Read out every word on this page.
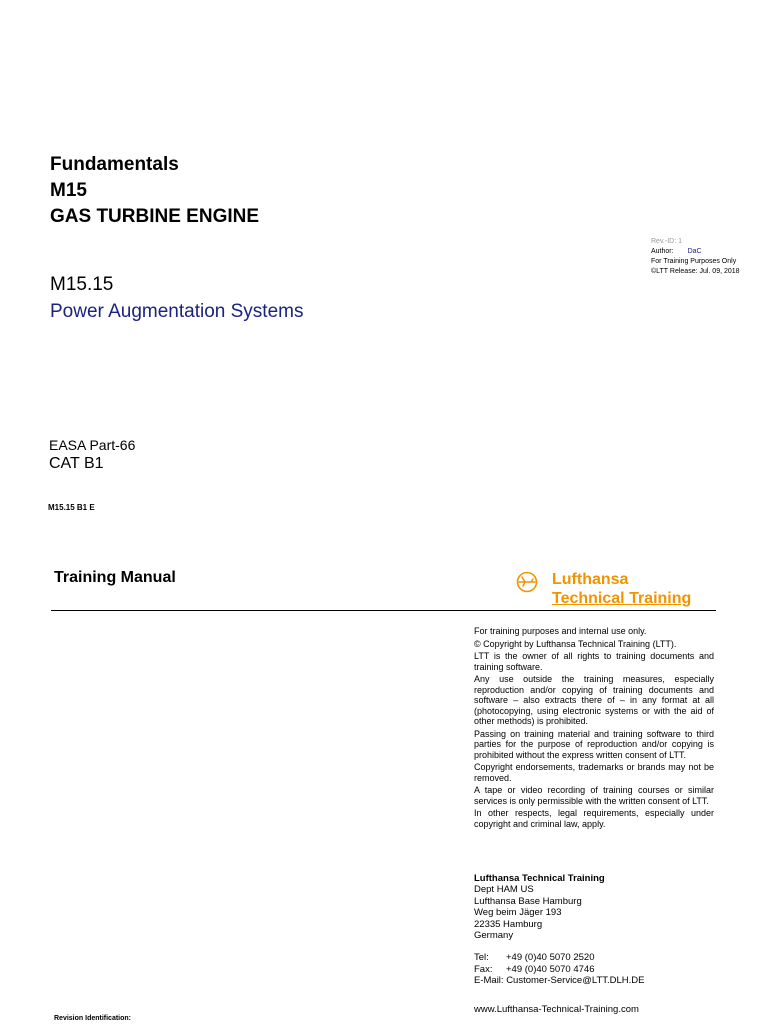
Fundamentals
M15
GAS TURBINE ENGINE
Rev.-ID: 1
Author: DaC
For Training Purposes Only
©LTT Release: Jul. 09, 2018
M15.15
Power Augmentation Systems
EASA Part-66
CAT B1
M15.15 B1 E
Training Manual	Lufthansa
Technical Training

For training purposes and internal use only.

© Copyright by Lufthansa Technical Training (LTT).

LTT is the owner of all rights to training documents and training software.

Any use outside the training measures, especially reproduction and/or copying of training documents and software – also extracts there of – in any format at all (photocopying, using electronic systems or with the aid of other methods) is prohibited.

Passing on training material and training software to third parties for the purpose of reproduction and/or copying is prohibited without the express written consent of LTT.

Copyright endorsements, trademarks or brands may not be removed.

A tape or video recording of training courses or similar services is only permissible with the written consent of LTT.

In other respects, legal requirements, especially under copyright and criminal law, apply.

Lufthansa Technical Training
Dept HAM US
Lufthansa Base Hamburg
Weg beim Jäger 193
22335 Hamburg
Germany
Tel: +49 (0)40 5070 2520
Fax: +49 (0)40 5070 4746
E-Mail: Customer-Service@LTT.DLH.DE
www.Lufthansa-Technical-Training.com
Revision Identification:
